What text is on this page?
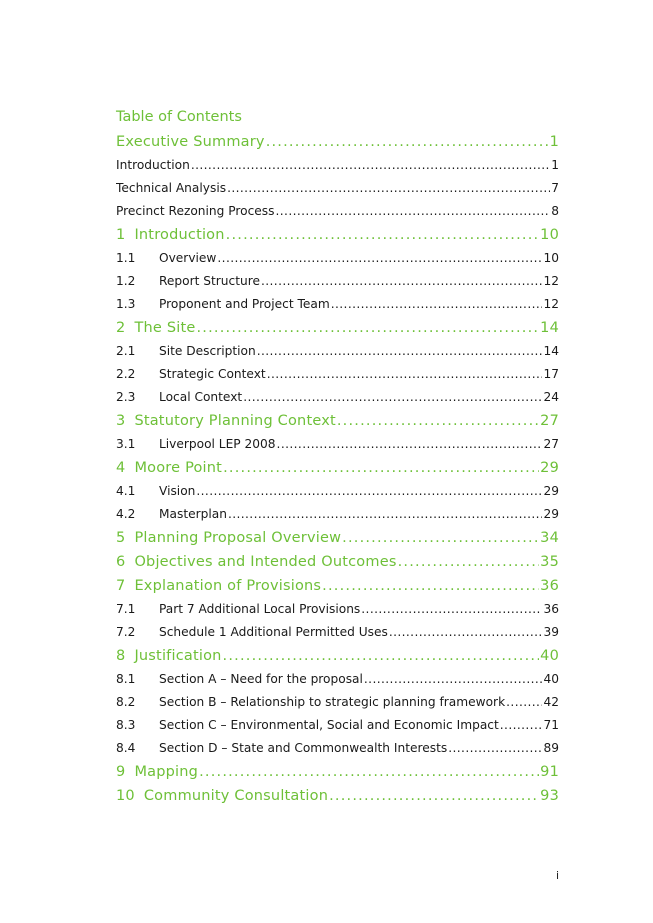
Table of Contents
Executive Summary .....	1
Introduction .....	1
Technical Analysis .....	7
Precinct Rezoning Process .....	8
1 Introduction .....	10
1.1	Overview .....	10
1.2	Report Structure .....	12
1.3	Proponent and Project Team .....	12
2 The Site .....	14
2.1	Site Description .....	14
2.2	Strategic Context .....	17
2.3	Local Context .....	24
3 Statutory Planning Context .....	27
3.1	Liverpool LEP 2008 .....	27
4 Moore Point .....	29
4.1	Vision .....	29
4.2	Masterplan .....	29
5 Planning Proposal Overview .....	34
6 Objectives and Intended Outcomes .....	35
7 Explanation of Provisions .....	36
7.1	Part 7 Additional Local Provisions .....	36
7.2	Schedule 1 Additional Permitted Uses .....	39
8 Justification .....	40
8.1	Section A – Need for the proposal .....	40
8.2	Section B – Relationship to strategic planning framework .....	42
8.3	Section C – Environmental, Social and Economic Impact .....	71
8.4	Section D – State and Commonwealth Interests .....	89
9 Mapping .....	91
10 Community Consultation .....	93
i
